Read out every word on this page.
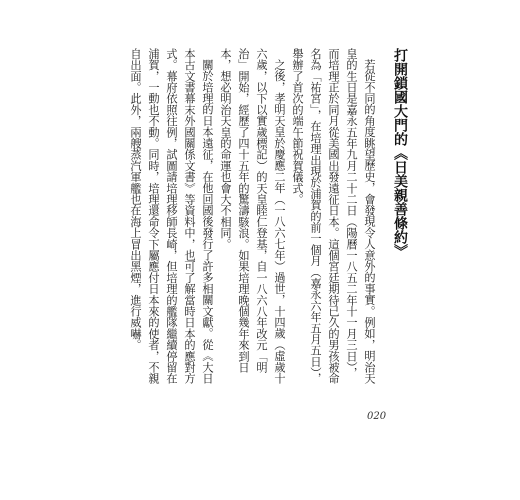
打開鎖國大門的《日美親善條約》

若從不同的角度眺望歷史，會發現令人意外的事實。例如，明治天皇的生日是嘉永五年九月二十二日（陽曆一八五二年十一月三日），而培理正於同月從美國出發遠征日本。這個宮廷期待已久的男孩被命名為「祐宮」，在培理出現於浦賀的前一個月（嘉永六年五月五日），舉辦了首次的端午節祝賀儀式。

之後，孝明天皇於慶應二年（一八六七年）過世，十四歲（虛歲十六歲，以下以實歲標記）的天皇睦仁登基，自一八六八年改元「明治」開始，經歷了四十五年的驚濤駭浪。如果培理晚個幾年來到日本，想必明治天皇的命運也會大不相同。

關於培理的日本遠征，在他回國後發行了許多相關文獻。從《大日本古文書幕末外國關係文書》等資料中，也可了解當時日本的應對方式。幕府依照往例，試圖請培理移師長崎，但培理的艦隊繼續停留在浦賀，一動也不動。同時，培理還命令下屬應付日本來的使者，不親自出面。此外，兩艘蒸汽軍艦也在海上冒出黑煙，進行威嚇。

020
